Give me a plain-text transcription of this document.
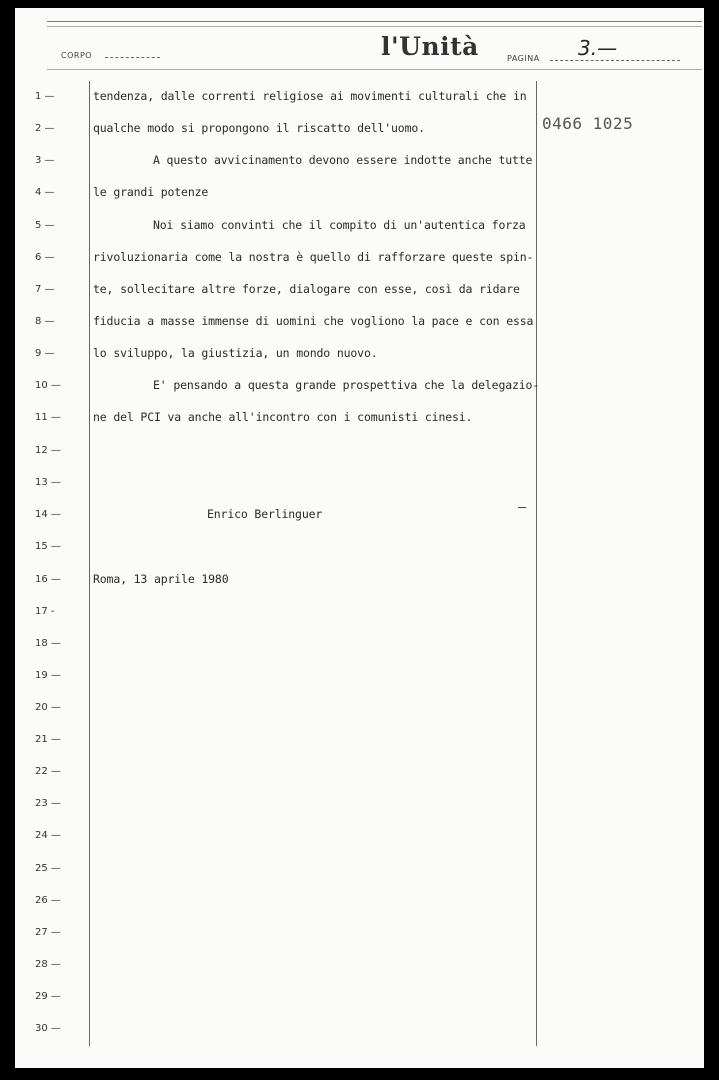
CORPO	l'Unità	PAGINA 3.—
0466 1025
1 —
2 —
3 —
4 —
5 —
6 —
7 —
8 —
9 —
10 —
11 —
12 —
13 —
14 —
15 —
16 —
17 -
18 —
19 —
20 —
21 —
22 —
23 —
24 —
25 —
26 —
27 —
28 —
29 —
30 —
tendenza, dalle correnti religiose ai movimenti culturali che in
qualche modo si propongono il riscatto dell'uomo.
A questo avvicinamento devono essere indotte anche tutte
le grandi potenze
Noi siamo convinti che il compito di un'autentica forza
rivoluzionaria come la nostra è quello di rafforzare queste spin-
te, sollecitare altre forze, dialogare con esse, così da ridare
fiducia a masse immense di uomini che vogliono la pace e con essa
lo sviluppo, la giustizia, un mondo nuovo.
E' pensando a questa grande prospettiva che la delegazio-
ne del PCI va anche all'incontro con i comunisti cinesi.
Enrico Berlinguer
Roma, 13 aprile 1980
